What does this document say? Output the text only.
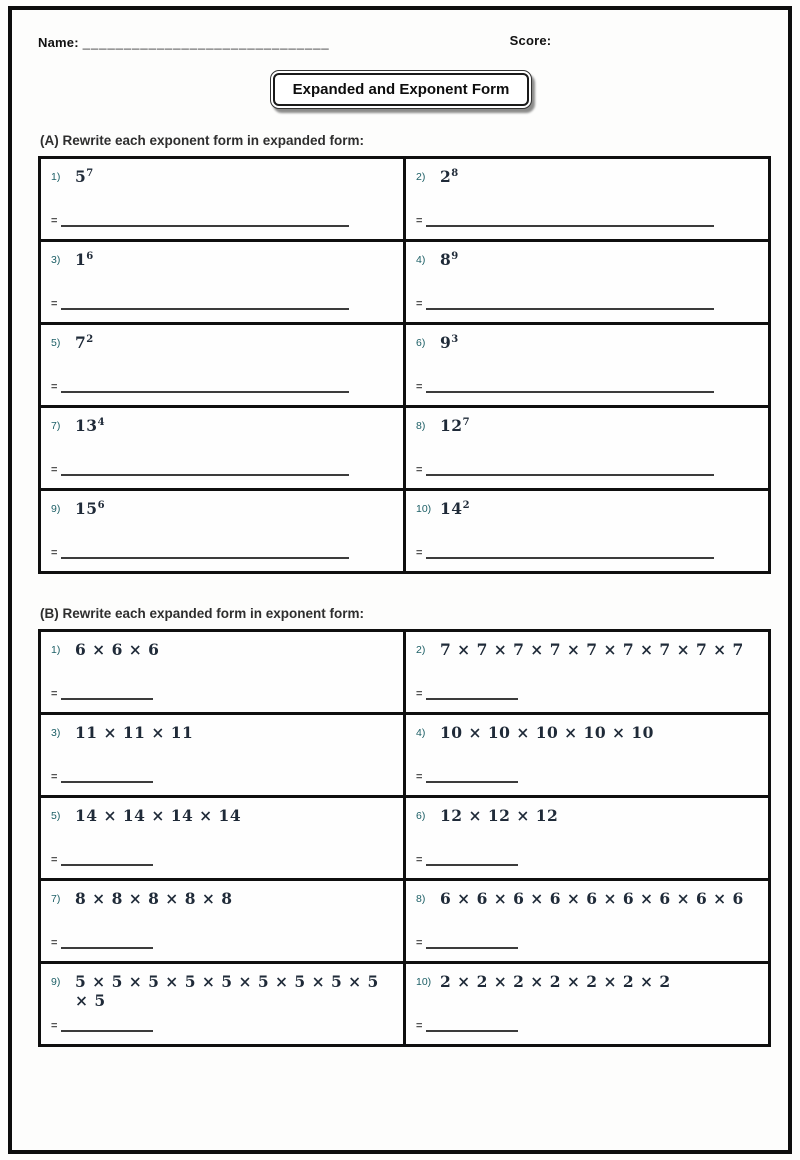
Name: ______________________________	Score:
Expanded and Exponent Form
(A) Rewrite each exponent form in expanded form:
1) $5^7$
=
2) $2^8$
=
3) $1^6$
=
4) $8^9$
=
5) $7^2$
=
6) $9^3$
=
7) $13^4$
=
8) $12^7$
=
9) $15^6$
=
10) $14^2$
=
(B) Rewrite each expanded form in exponent form:
1) 6 × 6 × 6
=
2) 7 × 7 × 7 × 7 × 7 × 7 × 7 × 7 × 7
=
3) 11 × 11 × 11
=
4) 10 × 10 × 10 × 10 × 10
=
5) 14 × 14 × 14 × 14
=
6) 12 × 12 × 12
=
7) 8 × 8 × 8 × 8 × 8
=
8) 6 × 6 × 6 × 6 × 6 × 6 × 6 × 6 × 6
=
9) 5 × 5 × 5 × 5 × 5 × 5 × 5 × 5 × 5 × 5
=
10) 2 × 2 × 2 × 2 × 2 × 2 × 2
=
